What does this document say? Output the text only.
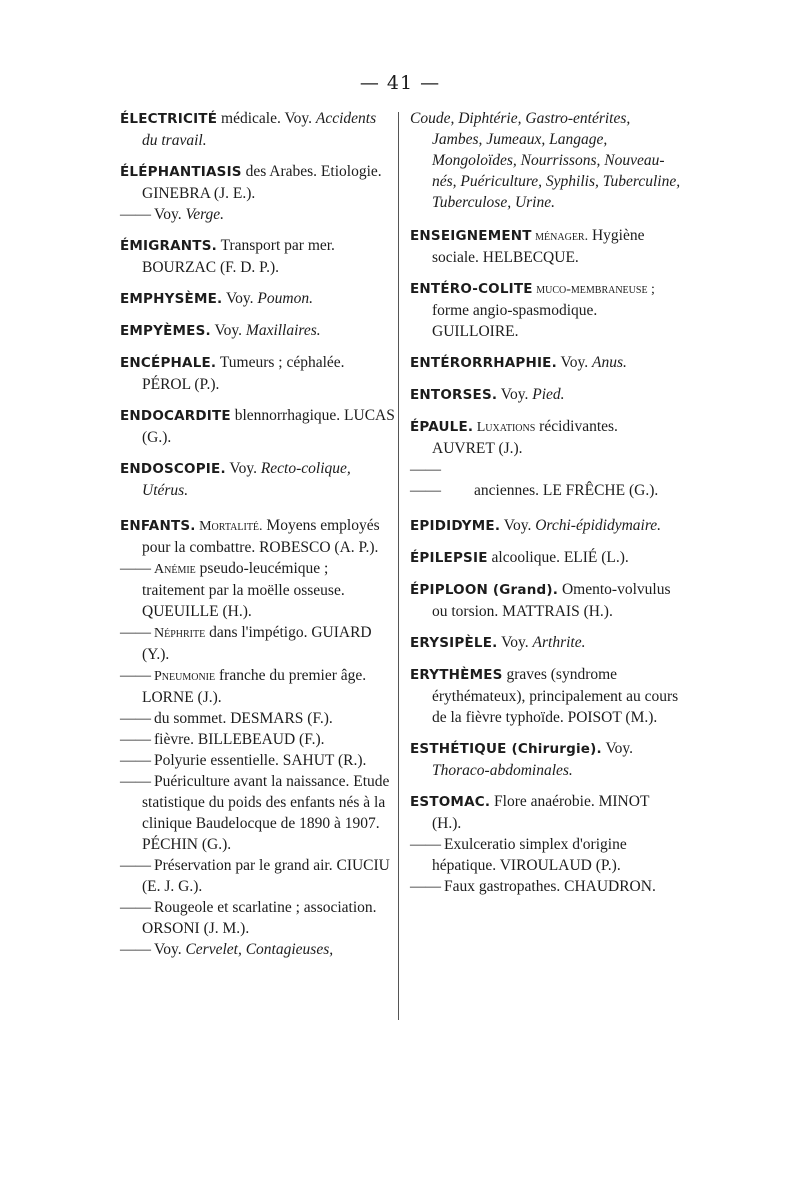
— 41 —
ÉLECTRICITÉ médicale. Voy. Accidents du travail.
ÉLÉPHANTIASIS des Arabes. Etiologie. GINEBRA (J. E.).
—— Voy. Verge.
ÉMIGRANTS. Transport par mer. BOURZAC (F. D. P.).
EMPHYSÈME. Voy. Poumon.
EMPYÈMES. Voy. Maxillaires.
ENCÉPHALE. Tumeurs ; céphalée. PÉROL (P.).
ENDOCARDITE blennorrhagique. LUCAS (G.).
ENDOSCOPIE. Voy. Recto-colique, Utérus.
ENFANTS. Mortalité. Moyens employés pour la combattre. ROBESCO (A. P.).
—— Anémie pseudo-leucémique ; traitement par la moëlle osseuse. QUEUILLE (H.).
—— Néphrite dans l'impétigo. GUIARD (Y.).
—— Pneumonie franche du premier âge. LORNE (J.).
—— du sommet. DESMARS (F.).
—— fièvre. BILLEBEAUD (F.).
—— Polyurie essentielle. SAHUT (R.).
—— Puériculture avant la naissance. Etude statistique du poids des enfants nés à la clinique Baudelocque de 1890 à 1907. PÉCHIN (G.).
—— Préservation par le grand air. CIUCIU (E. J. G.).
—— Rougeole et scarlatine ; association. ORSONI (J. M.).
—— Voy. Cervelet, Contagieuses,
Coude, Diphtérie, Gastro-entérites, Jambes, Jumeaux, Langage, Mongoloïdes, Nourrissons, Nouveau-nés, Puériculture, Syphilis, Tuberculine, Tuberculose, Urine.
ENSEIGNEMENT ménager. Hygiène sociale. HELBECQUE.
ENTÉRO-COLITE muco-membraneuse ; forme angio-spasmodique. GUILLOIRE.
ENTÉRORRHAPHIE. Voy. Anus.
ENTORSES. Voy. Pied.
ÉPAULE. Luxations récidivantes. AUVRET (J.).
—— —— anciennes. LE FRÊCHE (G.).
EPIDIDYME. Voy. Orchi-épididymaire.
ÉPILEPSIE alcoolique. ELIÉ (L.).
ÉPIPLOON (Grand). Omento-volvulus ou torsion. MATTRAIS (H.).
ERYSIPÈLE. Voy. Arthrite.
ERYTHÈMES graves (syndrome érythémateux), principalement au cours de la fièvre typhoïde. POISOT (M.).
ESTHÉTIQUE (Chirurgie). Voy. Thoraco-abdominales.
ESTOMAC. Flore anaérobie. MINOT (H.).
—— Exulceratio simplex d'origine hépatique. VIROULAUD (P.).
—— Faux gastropathes. CHAUDRON.
